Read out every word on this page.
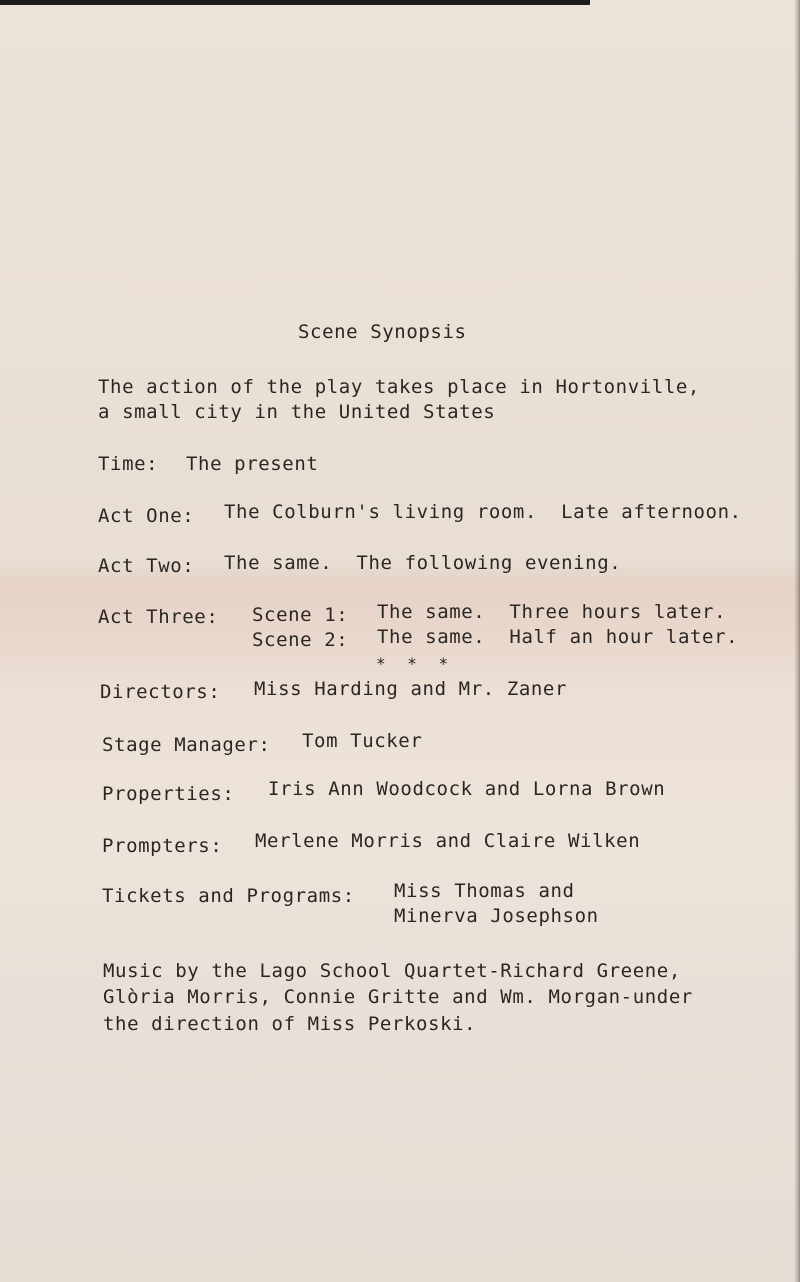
Scene Synopsis
The action of the play takes place in Hortonville,
a small city in the United States
Time: The present
Act One: The Colburn's living room.  Late afternoon.
Act Two: The same.  The following evening.
Act Three: Scene 1: The same.  Three hours later.
Scene 2: The same.  Half an hour later.
* * *
Directors: Miss Harding and Mr. Zaner
Stage Manager: Tom Tucker
Properties: Iris Ann Woodcock and Lorna Brown
Prompters: Merlene Morris and Claire Wilken
Tickets and Programs: Miss Thomas and
Minerva Josephson
Music by the Lago School Quartet-Richard Greene,
Glòria Morris, Connie Gritte and Wm. Morgan-under
the direction of Miss Perkoski.
